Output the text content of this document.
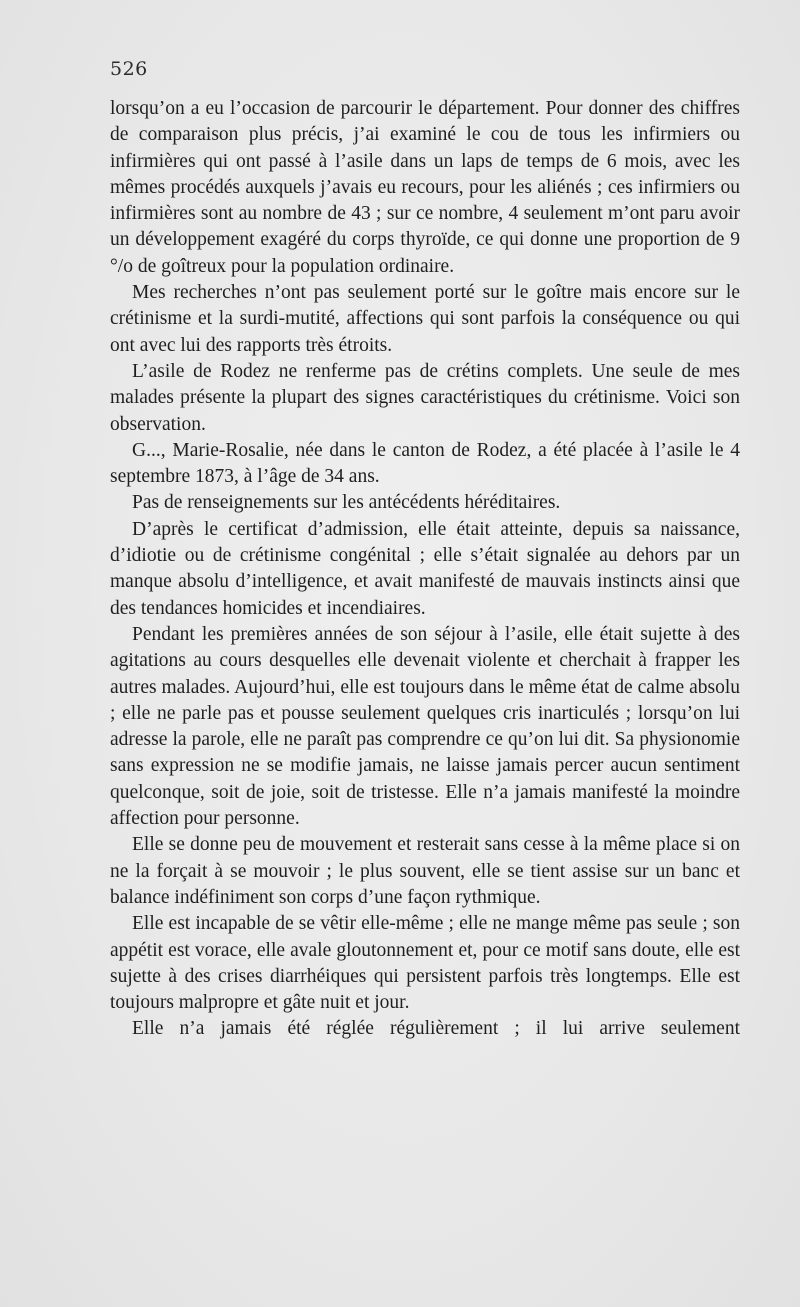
526

lorsqu’on a eu l’occasion de parcourir le département. Pour donner des chiffres de comparaison plus précis, j’ai examiné le cou de tous les infirmiers ou infirmières qui ont passé à l’asile dans un laps de temps de 6 mois, avec les mêmes procédés auxquels j’avais eu recours, pour les aliénés ; ces infirmiers ou infirmières sont au nombre de 43 ; sur ce nombre, 4 seulement m’ont paru avoir un développement exagéré du corps thyroïde, ce qui donne une proportion de 9 °/o de goîtreux pour la population ordinaire.

Mes recherches n’ont pas seulement porté sur le goître mais encore sur le crétinisme et la surdi-mutité, affections qui sont parfois la conséquence ou qui ont avec lui des rapports très étroits.

L’asile de Rodez ne renferme pas de crétins complets. Une seule de mes malades présente la plupart des signes caractéristiques du crétinisme. Voici son observation.

G..., Marie-Rosalie, née dans le canton de Rodez, a été placée à l’asile le 4 septembre 1873, à l’âge de 34 ans.

Pas de renseignements sur les antécédents héréditaires.

D’après le certificat d’admission, elle était atteinte, depuis sa naissance, d’idiotie ou de crétinisme congénital ; elle s’était signalée au dehors par un manque absolu d’intelligence, et avait manifesté de mauvais instincts ainsi que des tendances homicides et incendiaires.

Pendant les premières années de son séjour à l’asile, elle était sujette à des agitations au cours desquelles elle devenait violente et cherchait à frapper les autres malades. Aujourd’hui, elle est toujours dans le même état de calme absolu ; elle ne parle pas et pousse seulement quelques cris inarticulés ; lorsqu’on lui adresse la parole, elle ne paraît pas comprendre ce qu’on lui dit. Sa physionomie sans expression ne se modifie jamais, ne laisse jamais percer aucun sentiment quelconque, soit de joie, soit de tristesse. Elle n’a jamais manifesté la moindre affection pour personne.

Elle se donne peu de mouvement et resterait sans cesse à la même place si on ne la forçait à se mouvoir ; le plus souvent, elle se tient assise sur un banc et balance indéfiniment son corps d’une façon rythmique.

Elle est incapable de se vêtir elle-même ; elle ne mange même pas seule ; son appétit est vorace, elle avale gloutonnement et, pour ce motif sans doute, elle est sujette à des crises diarrhéiques qui persistent parfois très longtemps. Elle est toujours malpropre et gâte nuit et jour.

Elle n’a jamais été réglée régulièrement ; il lui arrive seulement
